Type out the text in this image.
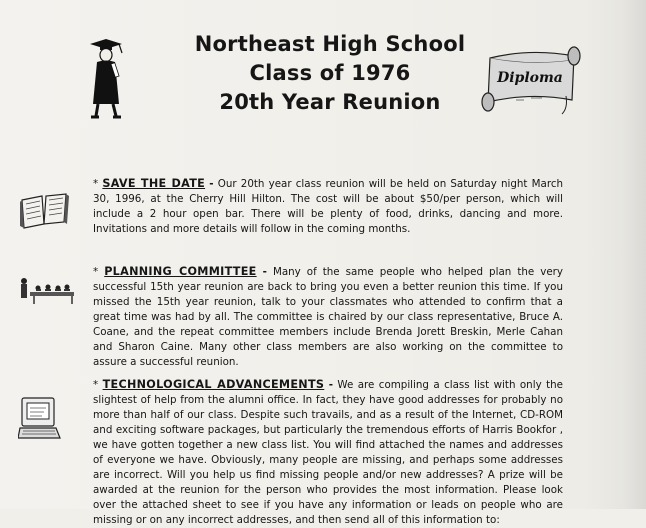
Northeast High School
Class of 1976
20th Year Reunion
Diploma
* SAVE THE DATE - Our 20th year class reunion will be held on Saturday night March 30, 1996, at the Cherry Hill Hilton. The cost will be about $50/per person, which will include a 2 hour open bar. There will be plenty of food, drinks, dancing and more. Invitations and more details will follow in the coming months.
* PLANNING COMMITTEE - Many of the same people who helped plan the very successful 15th year reunion are back to bring you even a better reunion this time. If you missed the 15th year reunion, talk to your classmates who attended to confirm that a great time was had by all. The committee is chaired by our class representative, Bruce A. Coane, and the repeat committee members include Brenda Jorett Breskin, Merle Cahan and Sharon Caine. Many other class members are also working on the committee to assure a successful reunion.
* TECHNOLOGICAL ADVANCEMENTS - We are compiling a class list with only the slightest of help from the alumni office. In fact, they have good addresses for probably no more than half of our class. Despite such travails, and as a result of the Internet, CD-ROM and exciting software packages, but particularly the tremendous efforts of Harris Bookfor , we have gotten together a new class list. You will find attached the names and addresses of everyone we have. Obviously, many people are missing, and perhaps some addresses are incorrect. Will you help us find missing people and/or new addresses? A prize will be awarded at the reunion for the person who provides the most information. Please look over the attached sheet to see if you have any information or leads on people who are missing or on any incorrect addresses, and then send all of this information to:
